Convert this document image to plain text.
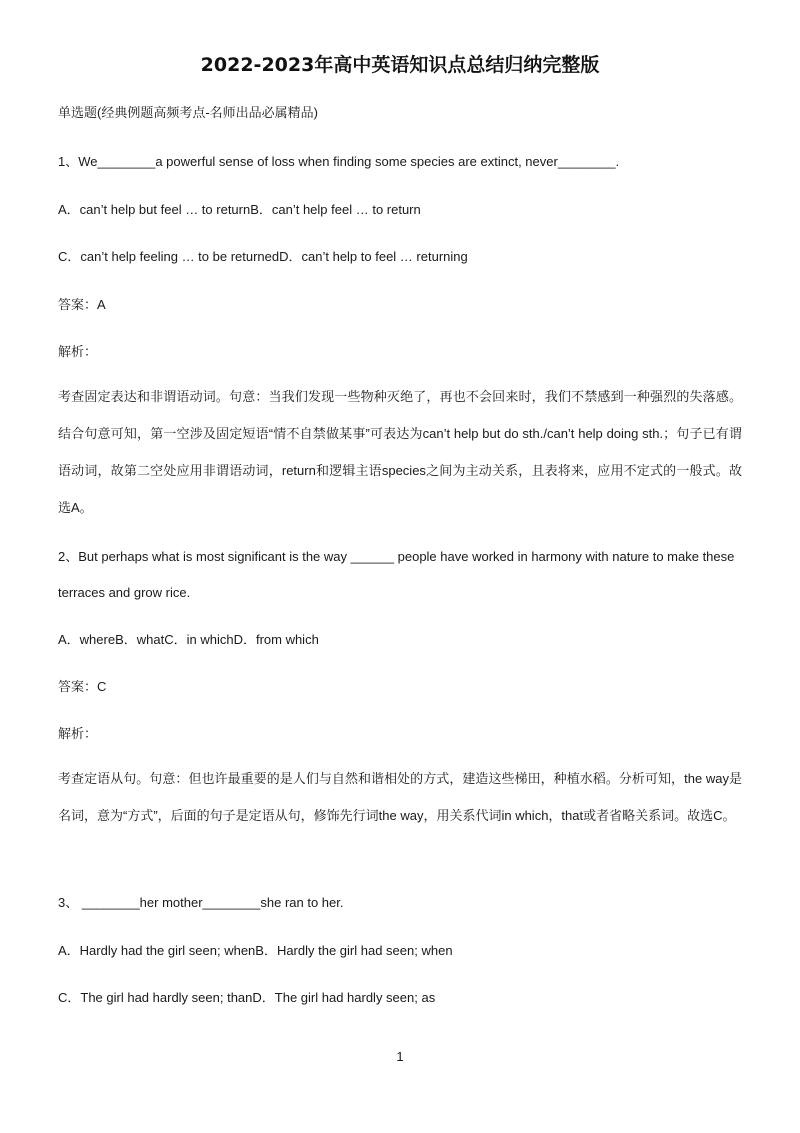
2022-2023年高中英语知识点总结归纳完整版
单选题(经典例题高频考点-名师出品必属精品)
1、We________a powerful sense of loss when finding some species are extinct, never________.
A．can’t help but feel … to returnB．can’t help feel … to return
C．can’t help feeling … to be returnedD．can’t help to feel … returning
答案：A
解析：
考查固定表达和非谓语动词。句意：当我们发现一些物种灭绝了，再也不会回来时，我们不禁感到一种强烈的失落感。结合句意可知，第一空涉及固定短语“情不自禁做某事”可表达为can’t help but do sth./can’t help doing sth.；句子已有谓语动词，故第二空处应用非谓语动词，return和逻辑主语species之间为主动关系，且表将来，应用不定式的一般式。故选A。
2、But perhaps what is most significant is the way ______ people have worked in harmony with nature to make these
terraces and grow rice.
A．whereB．whatC．in whichD．from which
答案：C
解析：
考查定语从句。句意：但也许最重要的是人们与自然和谐相处的方式，建造这些梯田，种植水稻。分析可知，the way是名词，意为“方式”，后面的句子是定语从句，修饰先行词the way，用关系代词in which，that或者省略关系词。故选C。
3、 ________her mother________she ran to her.
A．Hardly had the girl seen; whenB．Hardly the girl had seen; when
C．The girl had hardly seen; thanD．The girl had hardly seen; as
1
